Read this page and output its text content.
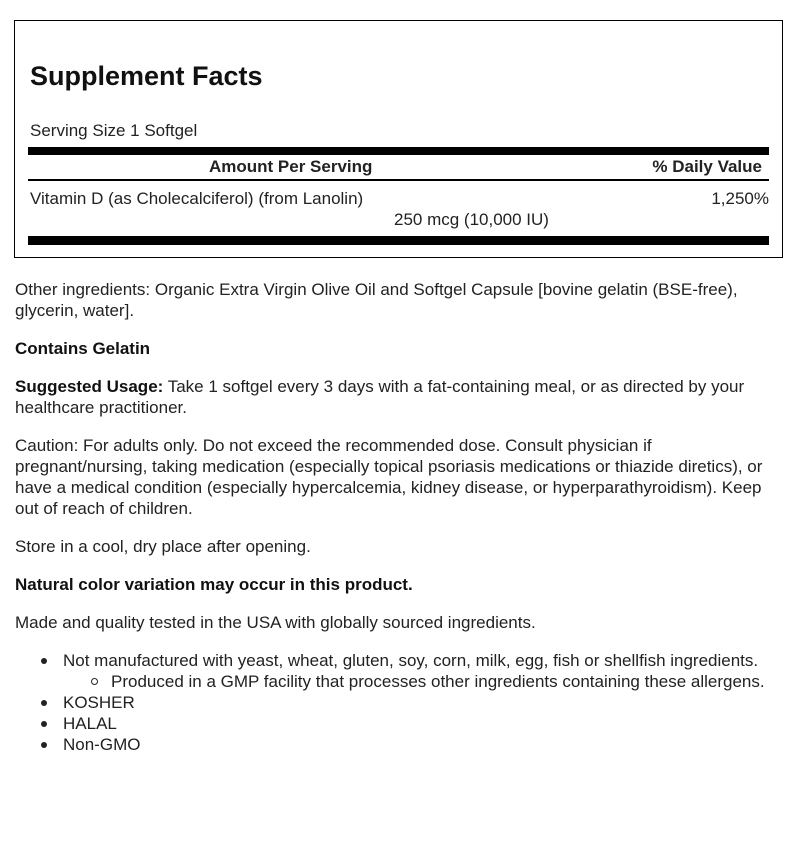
Supplement Facts
Serving Size 1 Softgel
Amount Per Serving	% Daily Value
Vitamin D (as Cholecalciferol) (from Lanolin)	1,250%
250 mcg (10,000 IU)

Other ingredients: Organic Extra Virgin Olive Oil and Softgel Capsule [bovine gelatin (BSE-free), glycerin, water].

Contains Gelatin

Suggested Usage: Take 1 softgel every 3 days with a fat-containing meal, or as directed by your healthcare practitioner.

Caution: For adults only. Do not exceed the recommended dose. Consult physician if pregnant/nursing, taking medication (especially topical psoriasis medications or thiazide diretics), or have a medical condition (especially hypercalcemia, kidney disease, or hyperparathyroidism). Keep out of reach of children.

Store in a cool, dry place after opening.

Natural color variation may occur in this product.

Made and quality tested in the USA with globally sourced ingredients.

Not manufactured with yeast, wheat, gluten, soy, corn, milk, egg, fish or shellfish ingredients.
Produced in a GMP facility that processes other ingredients containing these allergens.
KOSHER
HALAL
Non-GMO
